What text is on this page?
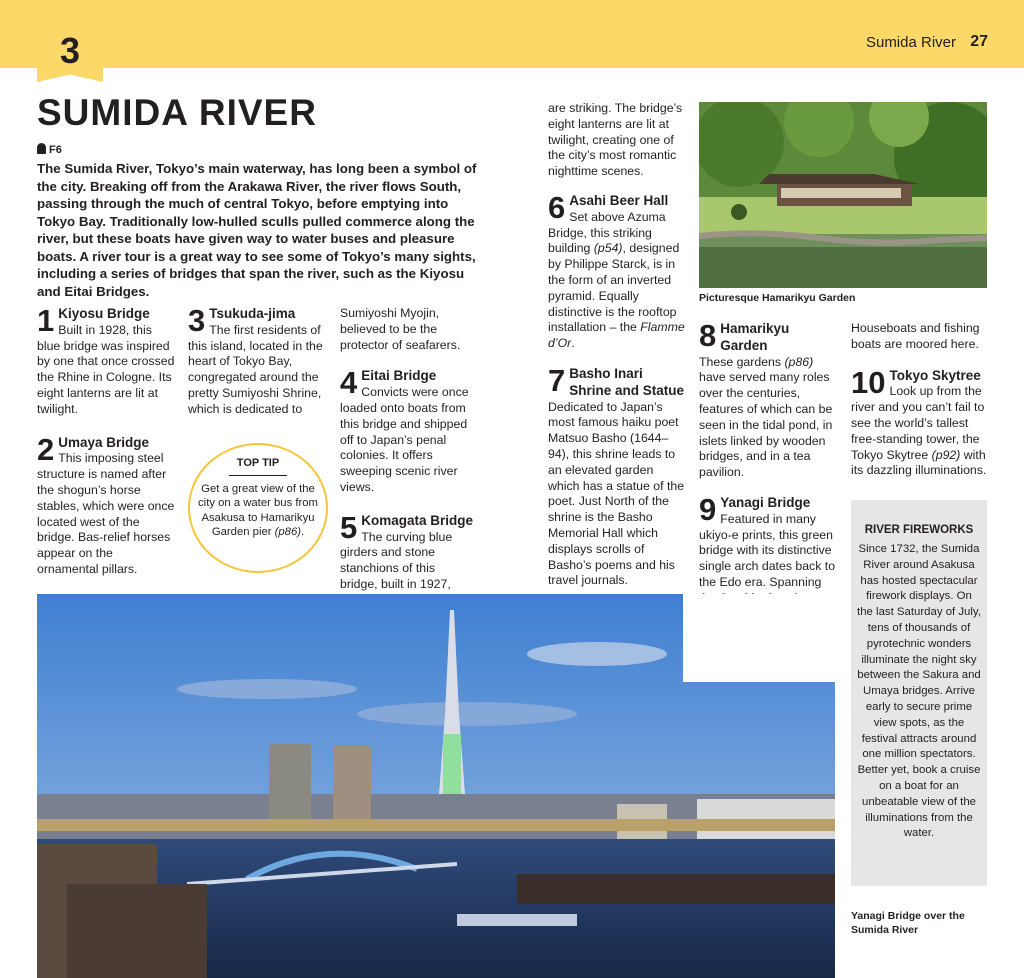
3	Sumida River 27
SUMIDA RIVER
F6
The Sumida River, Tokyo’s main waterway, has long been a symbol of the city. Breaking off from the Arakawa River, the river flows South, passing through the much of central Tokyo, before emptying into Tokyo Bay. Traditionally low-hulled sculls pulled commerce along the river, but these boats have given way to water buses and pleasure boats. A river tour is a great way to see some of Tokyo’s many sights, including a series of bridges that span the river, such as the Kiyosu and Eitai Bridges.
1 Kiyosu Bridge
Built in 1928, this blue bridge was inspired by one that once crossed the Rhine in Cologne. Its eight lanterns are lit at twilight.
2 Umaya Bridge
This imposing steel structure is named after the shogun’s horse stables, which were once located west of the bridge. Bas-relief horses appear on the ornamental pillars.
3 Tsukuda-jima
The first residents of this island, located in the heart of Tokyo Bay, congregated around the pretty Sumiyoshi Shrine, which is dedicated to
TOP TIP
Get a great view of the city on a water bus from Asakusa to Hamarikyu Garden pier (p86).
Sumiyoshi Myojin, believed to be the protector of seafarers.
4 Eitai Bridge
Convicts were once loaded onto boats from this bridge and shipped off to Japan’s penal colonies. It offers sweeping scenic river views.
5 Komagata Bridge
The curving blue girders and stone stanchions of this bridge, built in 1927,
are striking. The bridge’s eight lanterns are lit at twilight, creating one of the city’s most romantic nighttime scenes.
6 Asahi Beer Hall
Set above Azuma Bridge, this striking building (p54), designed by Philippe Starck, is in the form of an inverted pyramid. Equally distinctive is the rooftop installation – the Flamme d’Or.
7 Basho Inari Shrine and Statue
Dedicated to Japan’s most famous haiku poet Matsuo Basho (1644–94), this shrine leads to an elevated garden which has a statue of the poet. Just North of the shrine is the Basho Memorial Hall which displays scrolls of Basho’s poems and his travel journals.
Picturesque Hamarikyu Garden
8 Hamarikyu Garden
These gardens (p86) have served many roles over the centuries, features of which can be seen in the tidal pond, in islets linked by wooden bridges, and in a tea pavilion.
9 Yanagi Bridge
Featured in many ukiyo-e prints, this green bridge with its distinctive single arch dates back to the Edo era. Spanning
Houseboats and fishing boats are moored here.
10 Tokyo Skytree
Look up from the river and you can’t fail to see the world’s tallest free-standing tower, the Tokyo Skytree (p92) with its dazzling illuminations.
RIVER FIREWORKS
Since 1732, the Sumida River around Asakusa has hosted spectacular firework displays. On the last Saturday of July, tens of thousands of pyrotechnic wonders illuminate the night sky between the Sakura and Umaya bridges. Arrive early to secure prime view spots, as the festival attracts around one million spectators. Better yet, book a cruise on a boat for an unbeatable view of the illuminations from the water.
Yanagi Bridge over the Sumida River
